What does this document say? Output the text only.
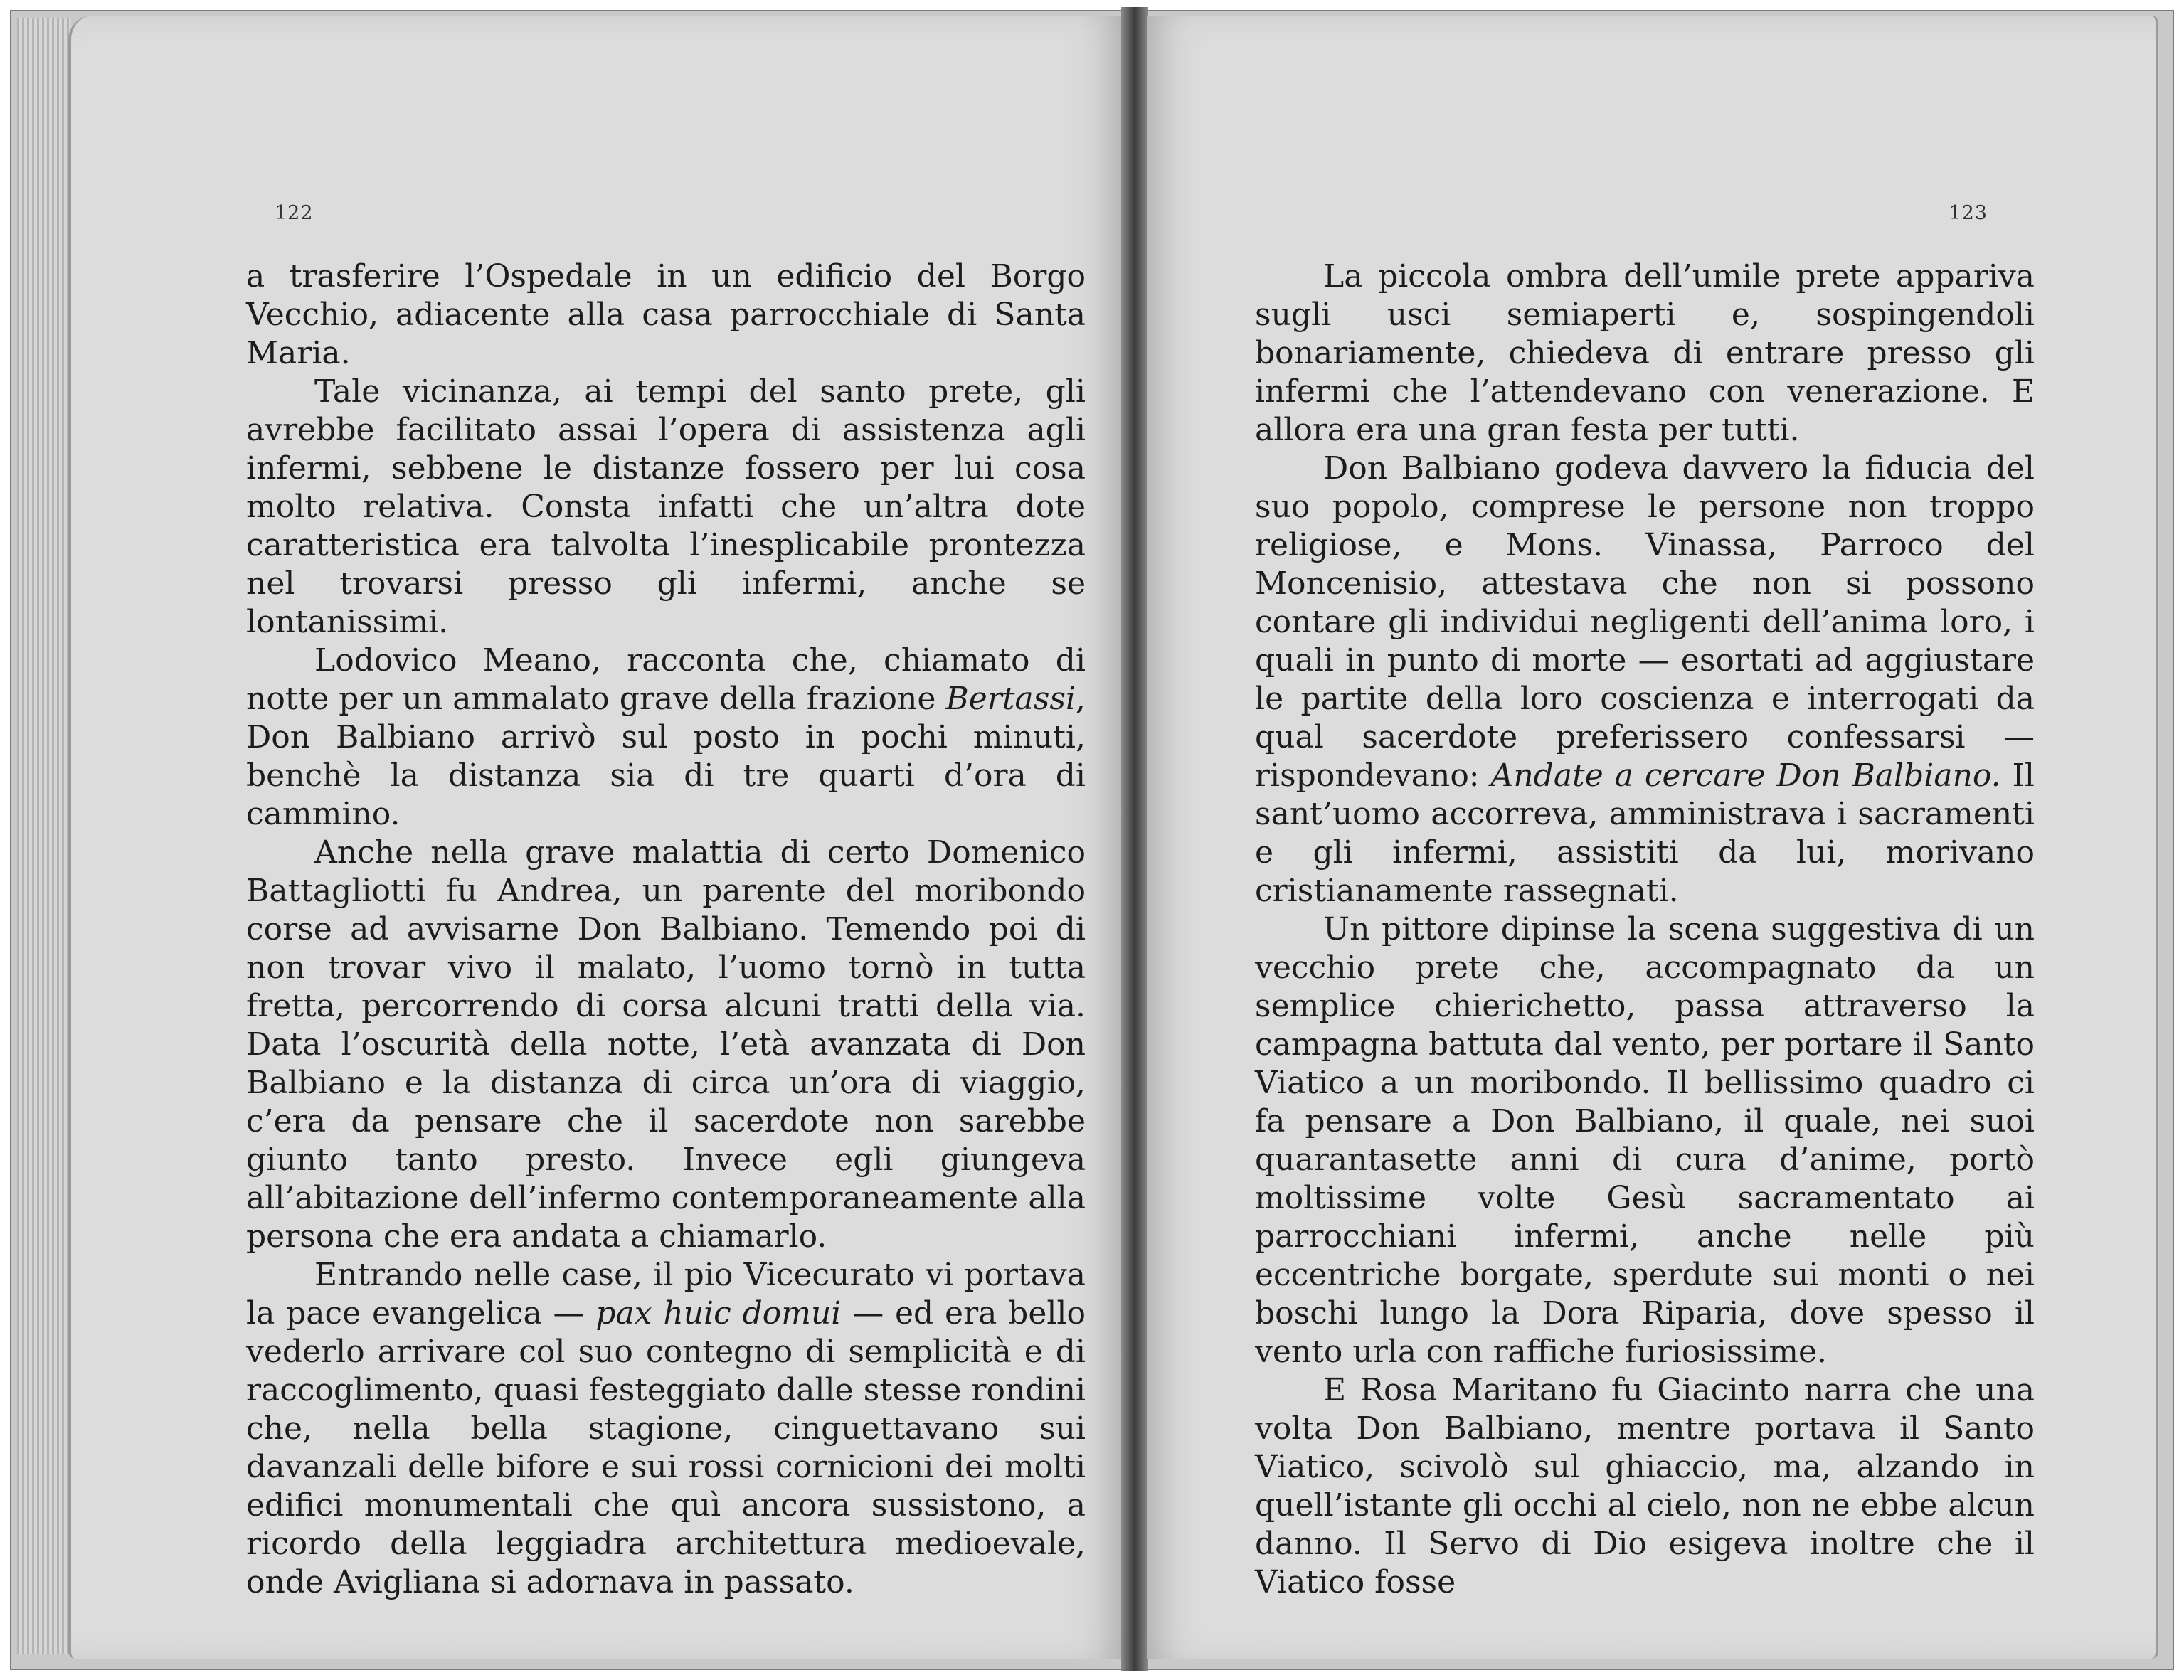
122

a trasferire l’Ospedale in un edificio del Borgo Vecchio, adiacente alla casa parrocchiale di Santa Maria.

Tale vicinanza, ai tempi del santo prete, gli avrebbe facilitato assai l’opera di assistenza agli infermi, sebbene le distanze fossero per lui cosa molto relativa. Consta infatti che un’altra dote caratteristica era talvolta l’inesplicabile prontezza nel trovarsi presso gli infermi, anche se lontanissimi.

Lodovico Meano, racconta che, chiamato di notte per un ammalato grave della frazione Bertassi, Don Balbiano arrivò sul posto in pochi minuti, benchè la distanza sia di tre quarti d’ora di cammino.

Anche nella grave malattia di certo Domenico Battagliotti fu Andrea, un parente del moribondo corse ad avvisarne Don Balbiano. Temendo poi di non trovar vivo il malato, l’uomo tornò in tutta fretta, percorrendo di corsa alcuni tratti della via. Data l’oscurità della notte, l’età avanzata di Don Balbiano e la distanza di circa un’ora di viaggio, c’era da pensare che il sacerdote non sarebbe giunto tanto presto. Invece egli giungeva all’abitazione dell’infermo contemporaneamente alla persona che era andata a chiamarlo.

Entrando nelle case, il pio Vicecurato vi portava la pace evangelica — pax huic domui — ed era bello vederlo arrivare col suo contegno di semplicità e di raccoglimento, quasi festeggiato dalle stesse rondini che, nella bella stagione, cinguettavano sui davanzali delle bifore e sui rossi cornicioni dei molti edifici monumentali che quì ancora sussistono, a ricordo della leggiadra architettura medioevale, onde Avigliana si adornava in passato.

123

La piccola ombra dell’umile prete appariva sugli usci semiaperti e, sospingendoli bonariamente, chiedeva di entrare presso gli infermi che l’attendevano con venerazione. E allora era una gran festa per tutti.

Don Balbiano godeva davvero la fiducia del suo popolo, comprese le persone non troppo religiose, e Mons. Vinassa, Parroco del Moncenisio, attestava che non si possono contare gli individui negligenti dell’anima loro, i quali in punto di morte — esortati ad aggiustare le partite della loro coscienza e interrogati da qual sacerdote preferissero confessarsi — rispondevano: Andate a cercare Don Balbiano. Il sant’uomo accorreva, amministrava i sacramenti e gli infermi, assistiti da lui, morivano cristianamente rassegnati.

Un pittore dipinse la scena suggestiva di un vecchio prete che, accompagnato da un semplice chierichetto, passa attraverso la campagna battuta dal vento, per portare il Santo Viatico a un moribondo. Il bellissimo quadro ci fa pensare a Don Balbiano, il quale, nei suoi quarantasette anni di cura d’anime, portò moltissime volte Gesù sacramentato ai parrocchiani infermi, anche nelle più eccentriche borgate, sperdute sui monti o nei boschi lungo la Dora Riparia, dove spesso il vento urla con raffiche furiosissime.

E Rosa Maritano fu Giacinto narra che una volta Don Balbiano, mentre portava il Santo Viatico, scivolò sul ghiaccio, ma, alzando in quell’istante gli occhi al cielo, non ne ebbe alcun danno. Il Servo di Dio esigeva inoltre che il Viatico fosse
